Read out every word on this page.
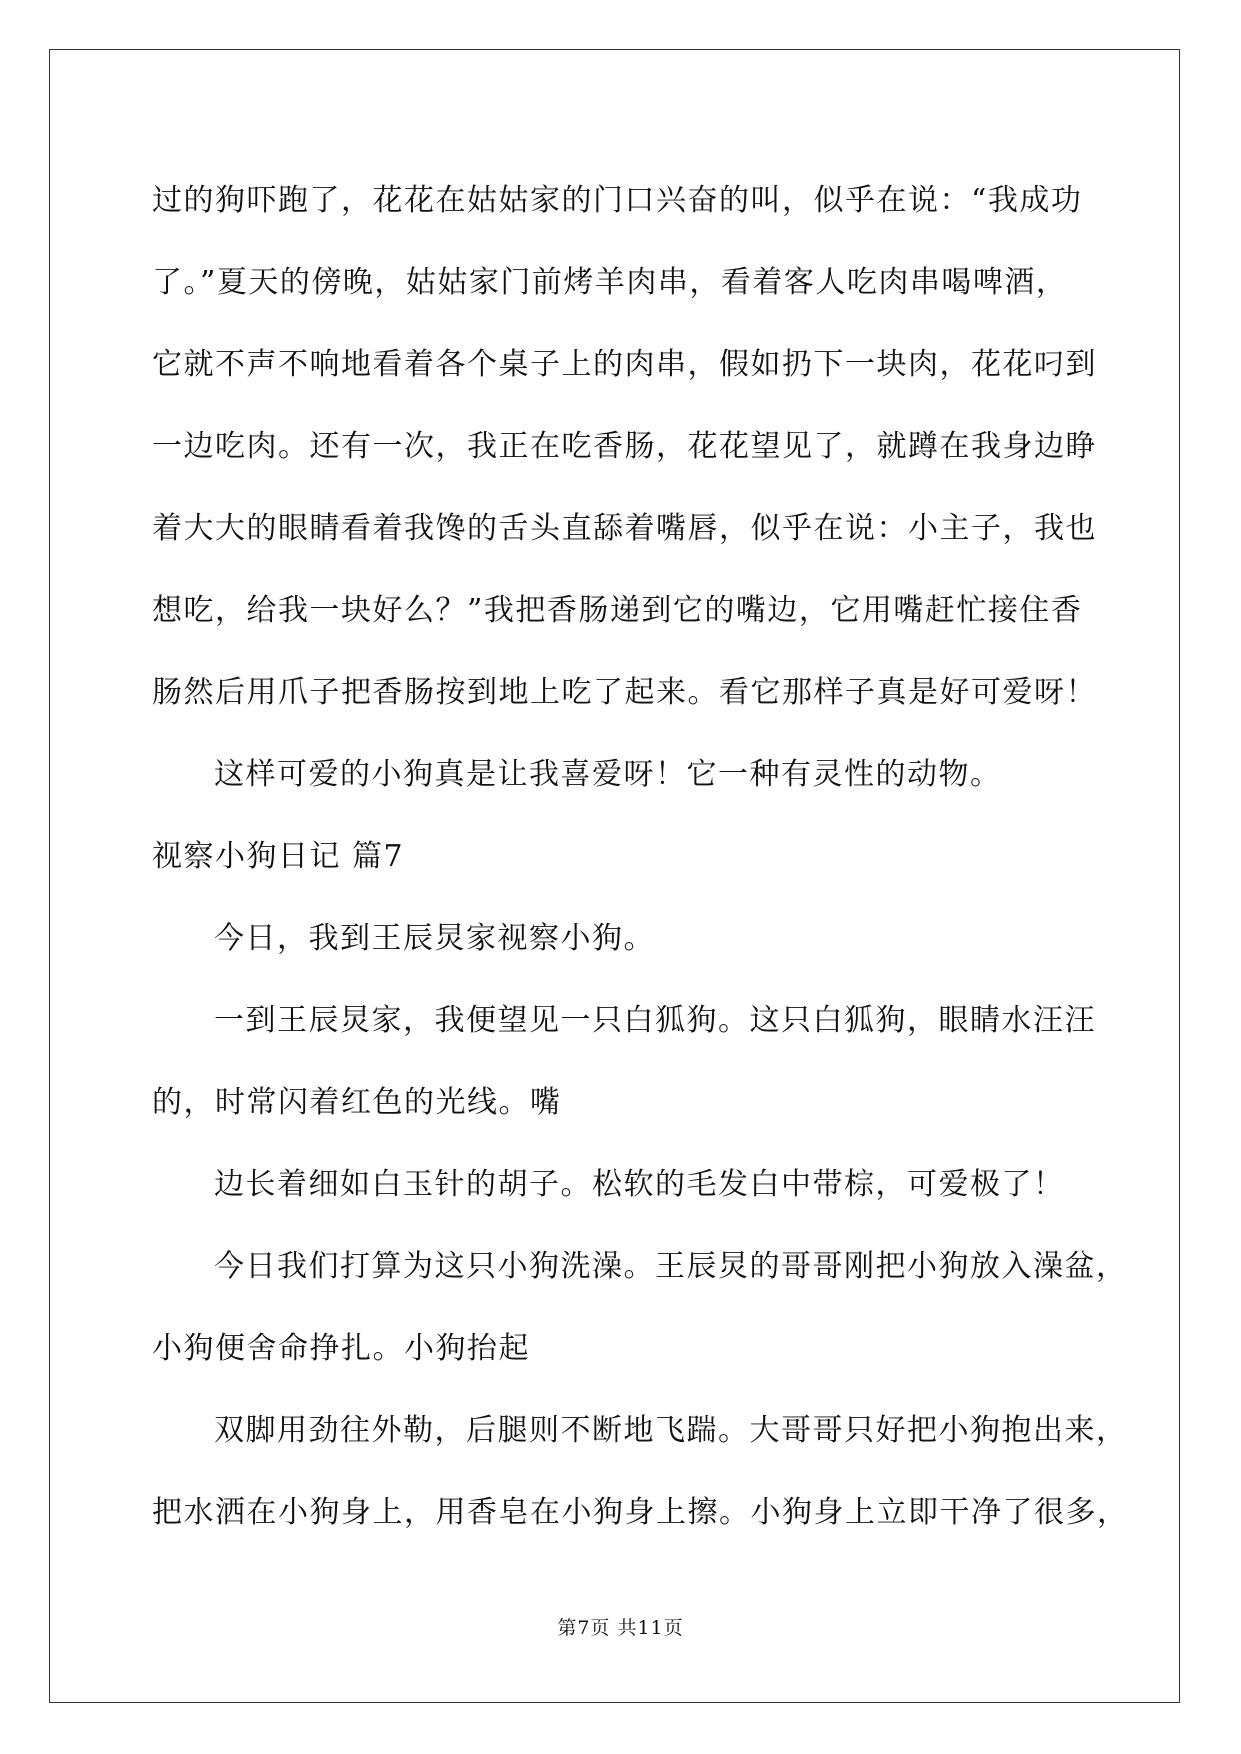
过的狗吓跑了，花花在姑姑家的门口兴奋的叫，似乎在说：“我成功
了。”夏天的傍晚，姑姑家门前烤羊肉串，看着客人吃肉串喝啤酒，
它就不声不响地看着各个桌子上的肉串，假如扔下一块肉，花花叼到
一边吃肉。还有一次，我正在吃香肠，花花望见了，就蹲在我身边睁
着大大的眼睛看着我馋的舌头直舔着嘴唇，似乎在说：小主子，我也
想吃，给我一块好么？”我把香肠递到它的嘴边，它用嘴赶忙接住香
肠然后用爪子把香肠按到地上吃了起来。看它那样子真是好可爱呀！
这样可爱的小狗真是让我喜爱呀！它一种有灵性的动物。
视察小狗日记 篇7
今日，我到王辰炅家视察小狗。
一到王辰炅家，我便望见一只白狐狗。这只白狐狗，眼睛水汪汪
的，时常闪着红色的光线。嘴
边长着细如白玉针的胡子。松软的毛发白中带棕，可爱极了！
今日我们打算为这只小狗洗澡。王辰炅的哥哥刚把小狗放入澡盆，
小狗便舍命挣扎。小狗抬起
双脚用劲往外勒，后腿则不断地飞踹。大哥哥只好把小狗抱出来，
把水洒在小狗身上，用香皂在小狗身上擦。小狗身上立即干净了很多，
第7页 共11页
